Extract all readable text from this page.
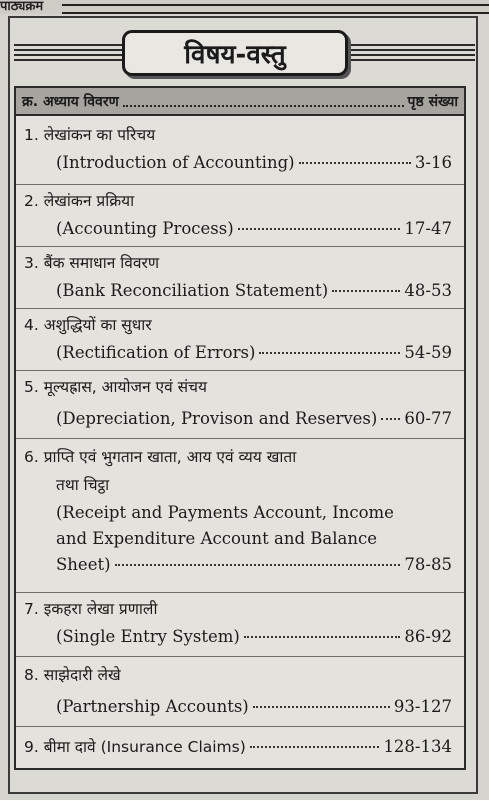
पाठ्यक्रम
विषय-वस्तु
क्र. अध्याय विवरण	पृष्ठ संख्या
1. लेखांकन का परिचय
(Introduction of Accounting)	3-16
2. लेखांकन प्रक्रिया
(Accounting Process)	17-47
3. बैंक समाधान विवरण
(Bank Reconciliation Statement)	48-53
4. अशुद्धियों का सुधार
(Rectification of Errors)	54-59
5. मूल्यह्रास, आयोजन एवं संचय
(Depreciation, Provison and Reserves) 60-77
6. प्राप्ति एवं भुगतान खाता, आय एवं व्यय खाता
तथा चिट्ठा
(Receipt and Payments Account, Income
and Expenditure Account and Balance
Sheet)	78-85
7. इकहरा लेखा प्रणाली
(Single Entry System)	86-92
8. साझेदारी लेखे
(Partnership Accounts)	93-127
9. बीमा दावे (Insurance Claims)	128-134
